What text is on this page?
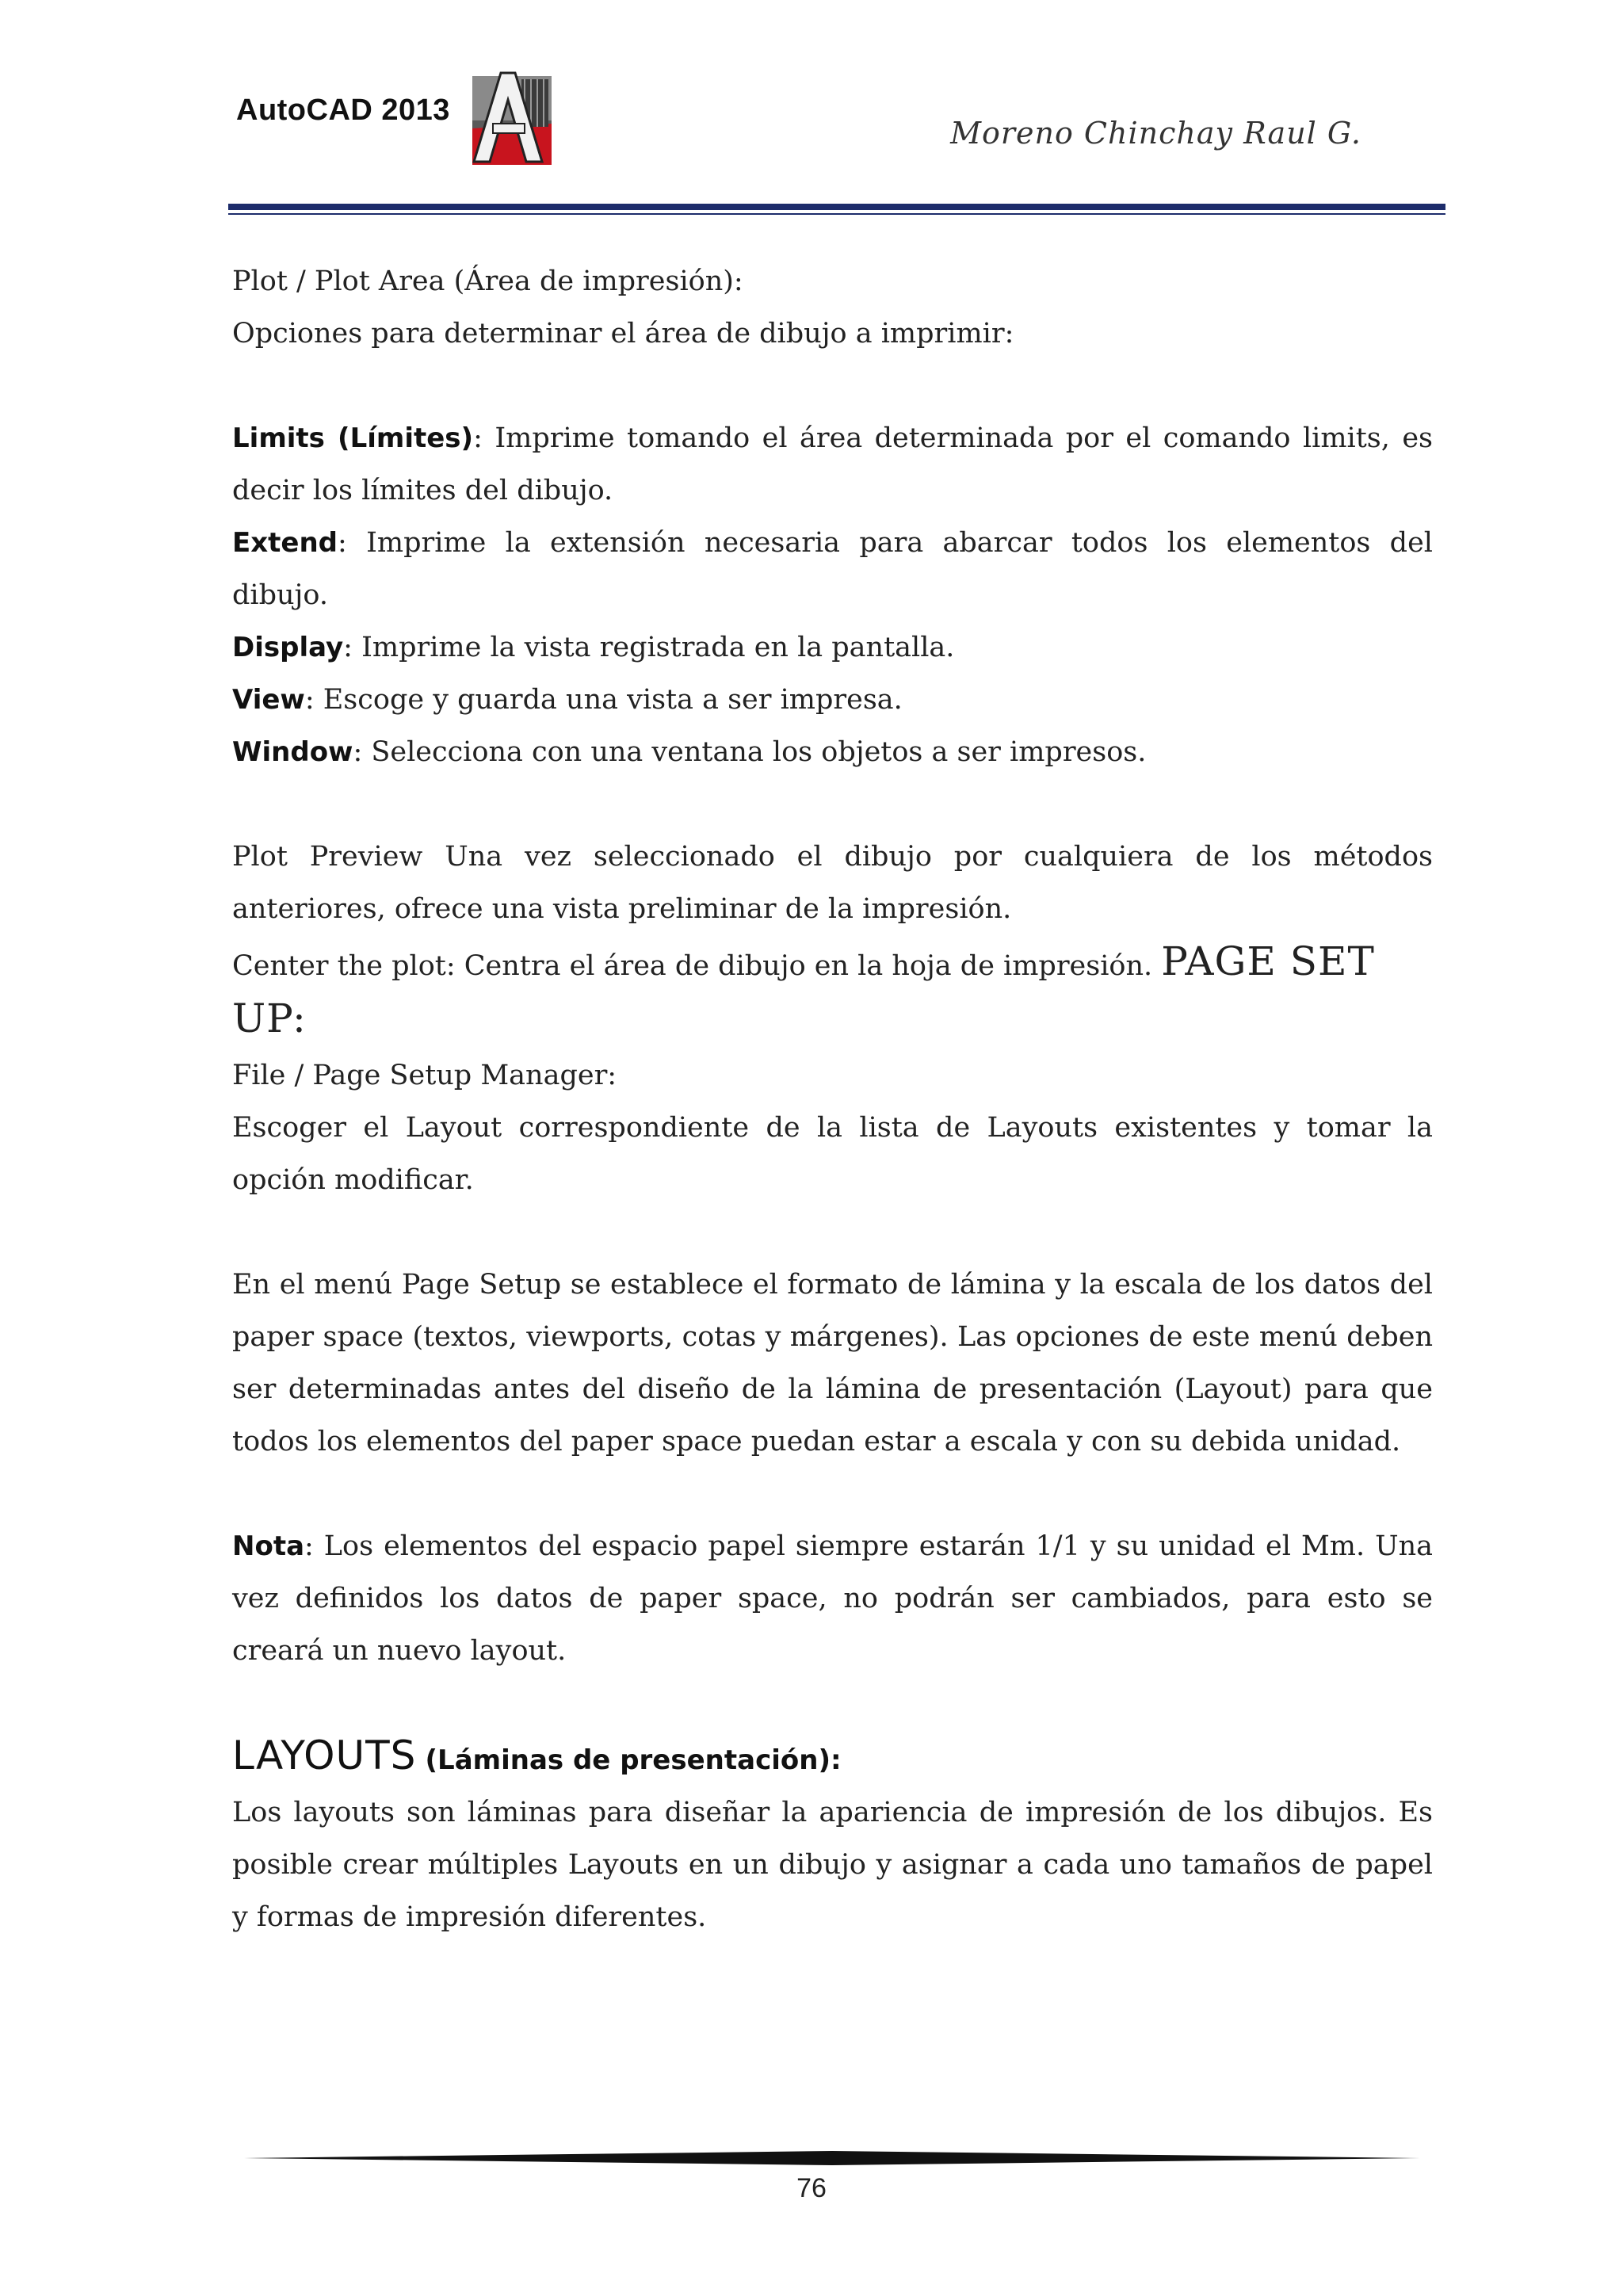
AutoCAD 2013
Moreno Chinchay Raul G.

Plot / Plot Area (Área de impresión):

Opciones para determinar el área de dibujo a imprimir:

Limits (Límites): Imprime tomando el área determinada por el comando limits, es decir los límites del dibujo.

Extend: Imprime la extensión necesaria para abarcar todos los elementos del dibujo.

Display: Imprime la vista registrada en la pantalla.

View: Escoge y guarda una vista a ser impresa.

Window: Selecciona con una ventana los objetos a ser impresos.

Plot Preview Una vez seleccionado el dibujo por cualquiera de los métodos anteriores, ofrece una vista preliminar de la impresión.

Center the plot: Centra el área de dibujo en la hoja de impresión. PAGE SET UP:

File / Page Setup Manager:

Escoger el Layout correspondiente de la lista de Layouts existentes y tomar la opción modificar.

En el menú Page Setup se establece el formato de lámina y la escala de los datos del paper space (textos, viewports, cotas y márgenes). Las opciones de este menú deben ser determinadas antes del diseño de la lámina de presentación (Layout) para que todos los elementos del paper space puedan estar a escala y con su debida unidad.

Nota: Los elementos del espacio papel siempre estarán 1/1 y su unidad el Mm. Una vez definidos los datos de paper space, no podrán ser cambiados, para esto se creará un nuevo layout.

LAYOUTS (Láminas de presentación):

Los layouts son láminas para diseñar la apariencia de impresión de los dibujos. Es posible crear múltiples Layouts en un dibujo y asignar a cada uno tamaños de papel y formas de impresión diferentes.

76
